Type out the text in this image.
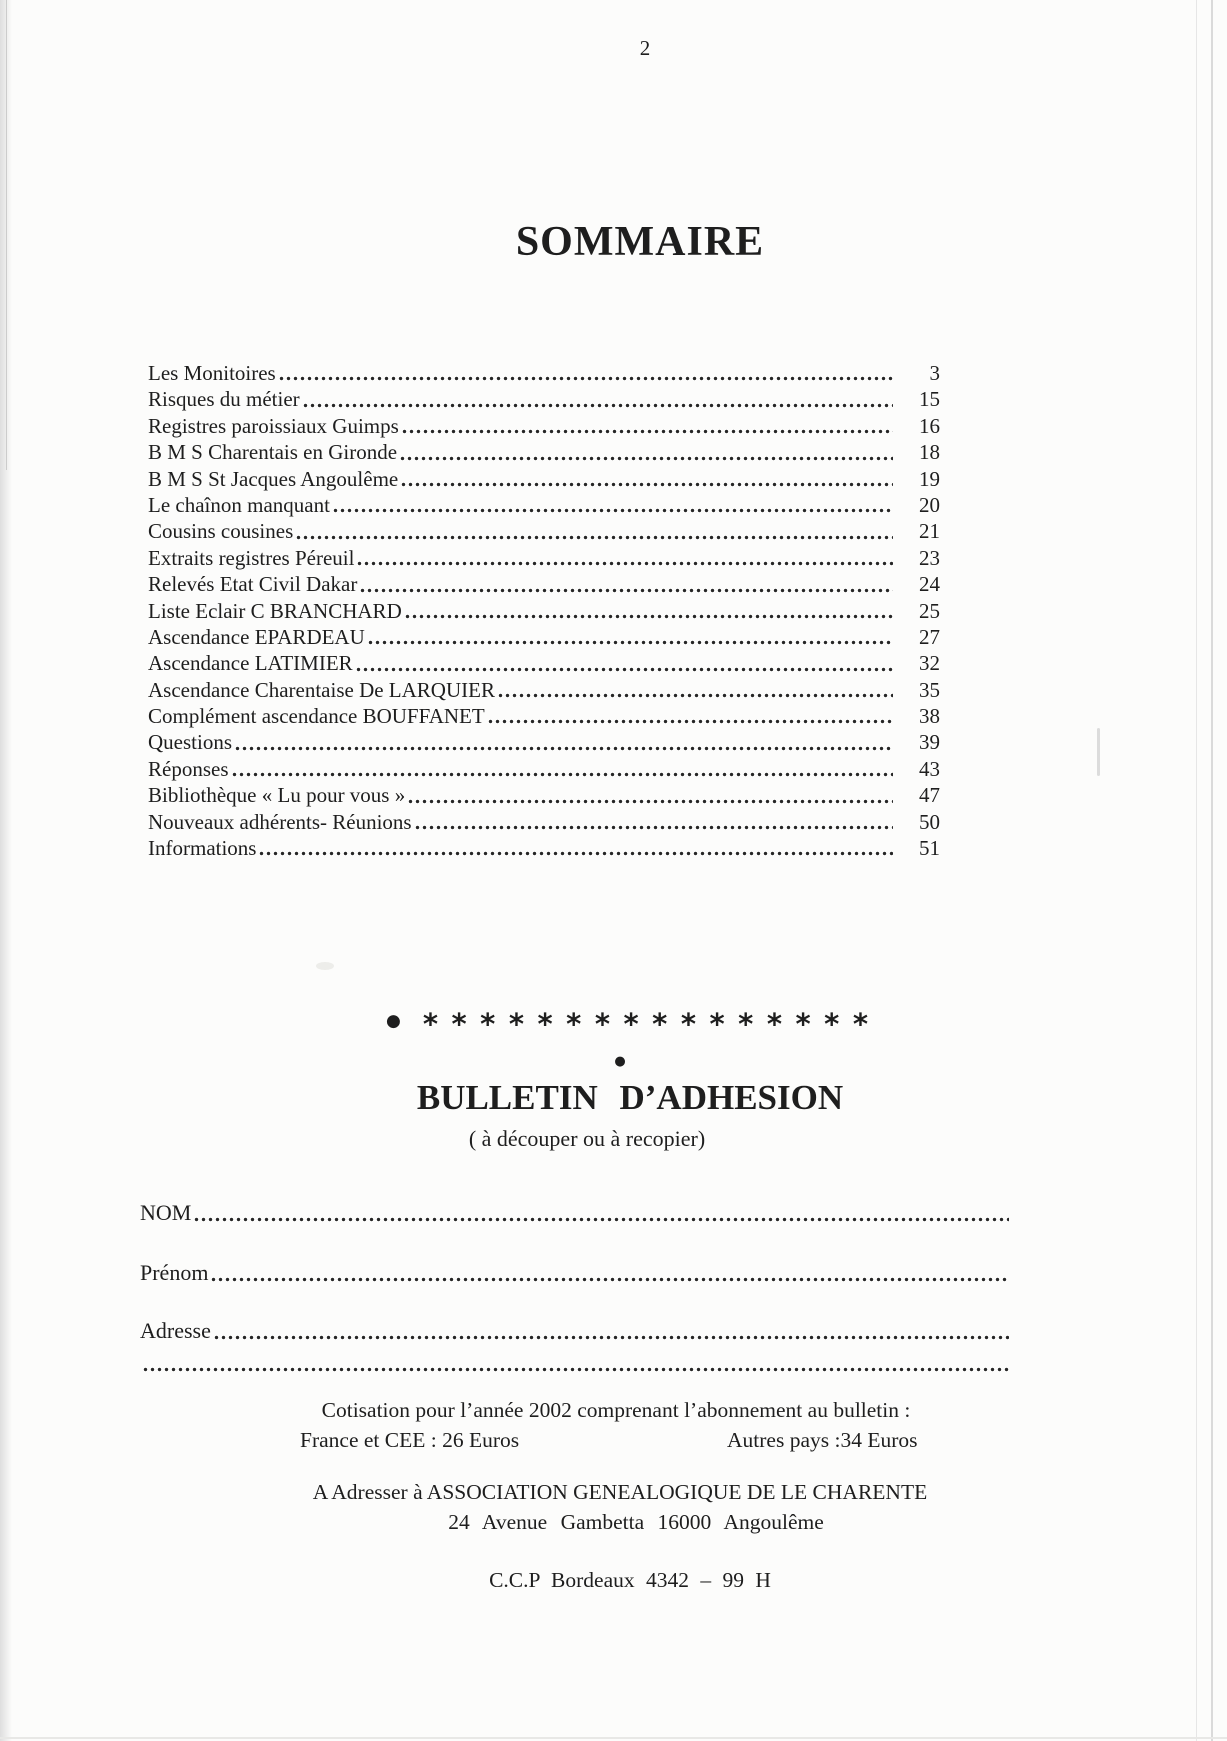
2
SOMMAIRE
Les Monitoires	3
Risques du métier	15
Registres paroissiaux Guimps	16
B M S Charentais en Gironde	18
B M S St Jacques Angoulême	19
Le chaînon manquant	20
Cousins cousines	21
Extraits registres Péreuil	23
Relevés Etat Civil Dakar	24
Liste Eclair C BRANCHARD	25
Ascendance EPARDEAU	27
Ascendance LATIMIER	32
Ascendance Charentaise De LARQUIER	35
Complément ascendance BOUFFANET	38
Questions	39
Réponses	43
Bibliothèque « Lu pour vous »	47
Nouveaux adhérents- Réunions	50
Informations	51
● ****************
●
BULLETIN D’ADHESION
( à découper ou à recopier)
NOM
Prénom
Adresse
Cotisation pour l’année 2002 comprenant l’abonnement au bulletin :
France et CEE : 26 Euros	Autres pays :34 Euros
A Adresser à ASSOCIATION GENEALOGIQUE DE LE CHARENTE
24 Avenue Gambetta 16000 Angoulême
C.C.P Bordeaux 4342 – 99 H
